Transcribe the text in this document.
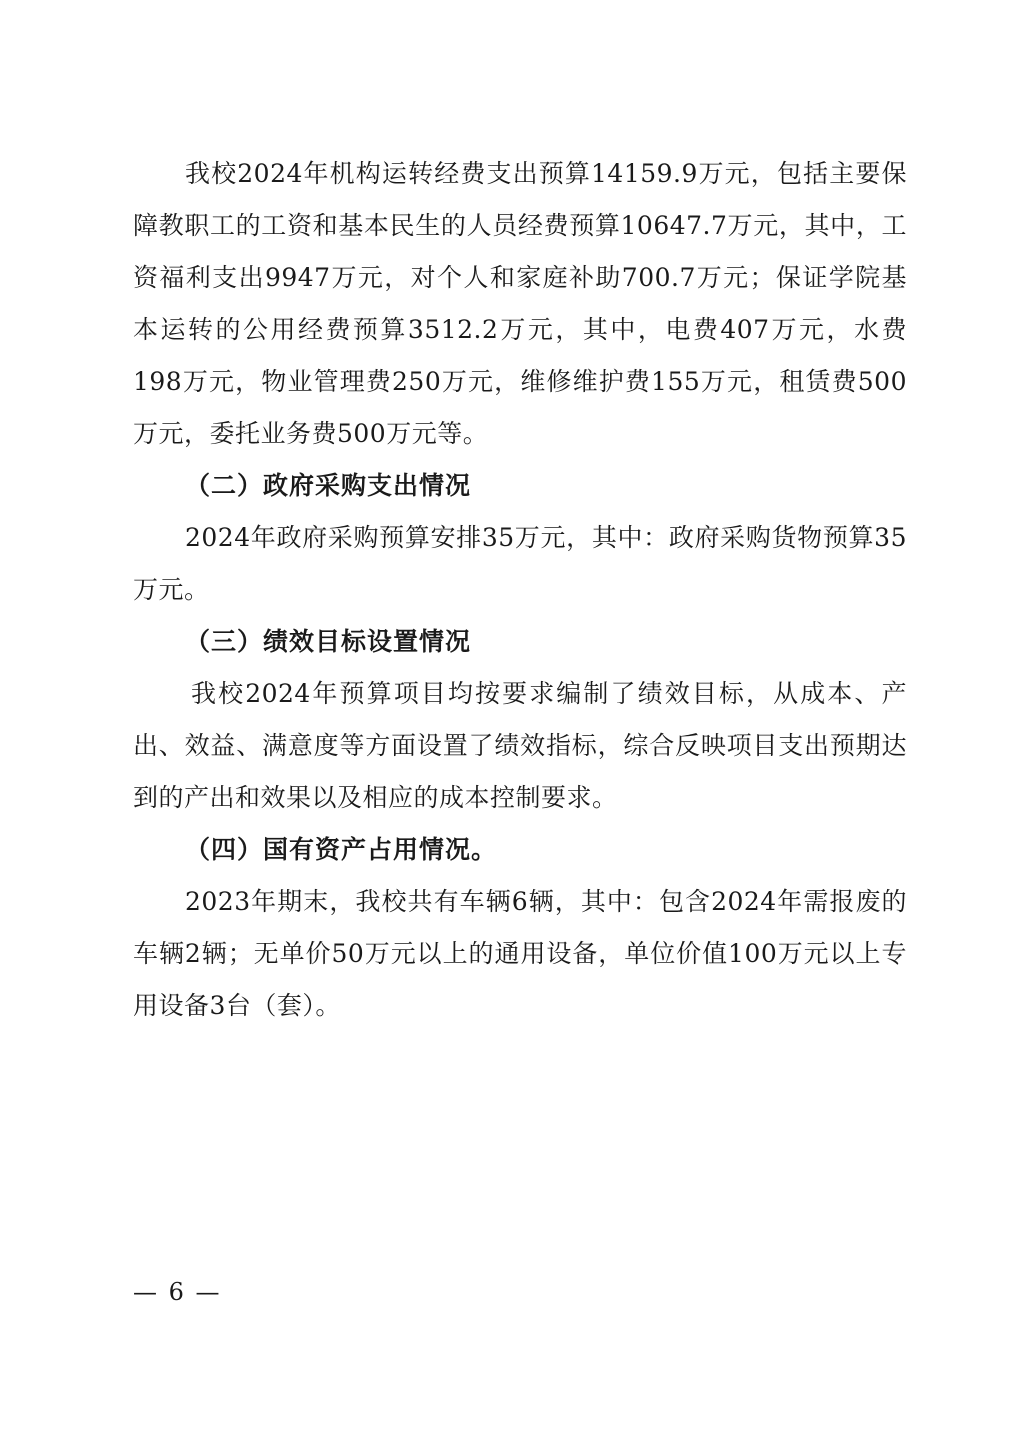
我校2024年机构运转经费支出预算14159.9万元，包括主要保障教职工的工资和基本民生的人员经费预算10647.7万元，其中，工资福利支出9947万元，对个人和家庭补助700.7万元；保证学院基本运转的公用经费预算3512.2万元，其中，电费407万元，水费198万元，物业管理费250万元，维修维护费155万元，租赁费500万元，委托业务费500万元等。

（二）政府采购支出情况

2024年政府采购预算安排35万元，其中：政府采购货物预算35万元。

（三）绩效目标设置情况

我校2024年预算项目均按要求编制了绩效目标，从成本、产出、效益、满意度等方面设置了绩效指标，综合反映项目支出预期达到的产出和效果以及相应的成本控制要求。

（四）国有资产占用情况。

2023年期末，我校共有车辆6辆，其中：包含2024年需报废的车辆2辆；无单价50万元以上的通用设备，单位价值100万元以上专用设备3台（套）。

— 6 —
